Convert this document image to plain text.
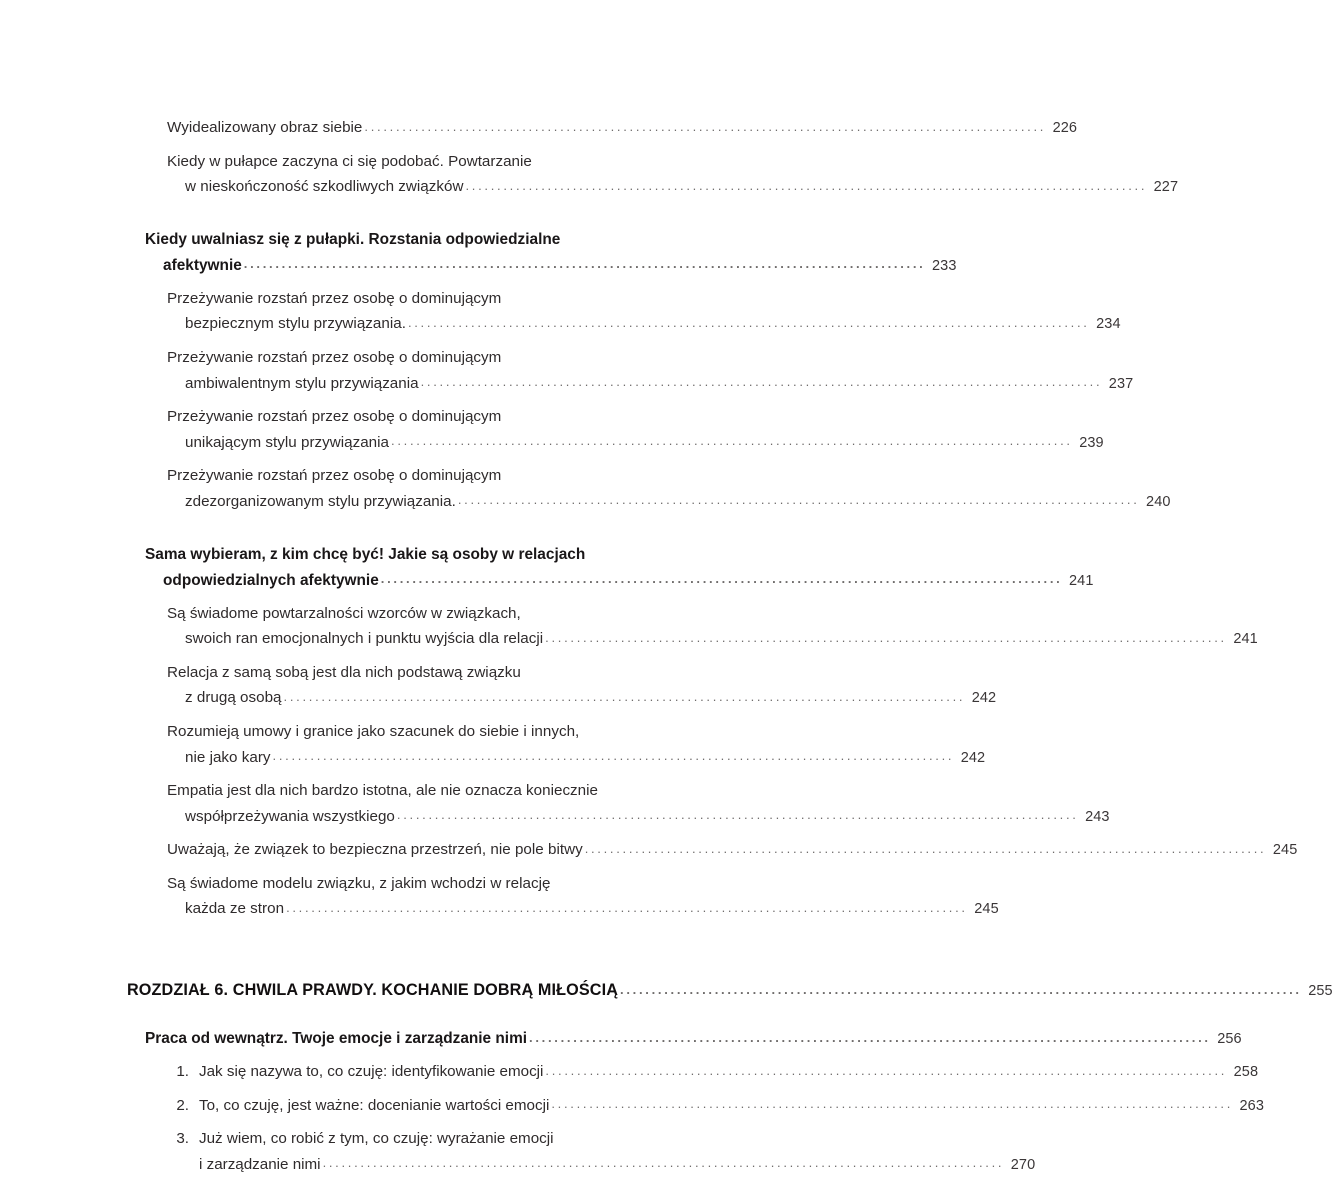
Wyidealizowany obraz siebie .....	226
Kiedy w pułapce zaczyna ci się podobać. Powtarzanie
w nieskończoność szkodliwych związków .....	227
Kiedy uwalniasz się z pułapki. Rozstania odpowiedzialne
afektywnie .....	233
Przeżywanie rozstań przez osobę o dominującym
bezpiecznym stylu przywiązania. .....	234
Przeżywanie rozstań przez osobę o dominującym
ambiwalentnym stylu przywiązania .....	237
Przeżywanie rozstań przez osobę o dominującym
unikającym stylu przywiązania .....	239
Przeżywanie rozstań przez osobę o dominującym
zdezorganizowanym stylu przywiązania. .....	240
Sama wybieram, z kim chcę być! Jakie są osoby w relacjach
odpowiedzialnych afektywnie .....	241
Są świadome powtarzalności wzorców w związkach,
swoich ran emocjonalnych i punktu wyjścia dla relacji .....	241
Relacja z samą sobą jest dla nich podstawą związku
z drugą osobą .....	242
Rozumieją umowy i granice jako szacunek do siebie i innych,
nie jako kary .....	242
Empatia jest dla nich bardzo istotna, ale nie oznacza koniecznie
współprzeżywania wszystkiego .....	243
Uważają, że związek to bezpieczna przestrzeń, nie pole bitwy .....	245
Są świadome modelu związku, z jakim wchodzi w relację
każda ze stron .....	245
ROZDZIAŁ 6. CHWILA PRAWDY. KOCHANIE DOBRĄ MIŁOŚCIĄ .....	255
Praca od wewnątrz. Twoje emocje i zarządzanie nimi .....	256
1. Jak się nazywa to, co czuję: identyfikowanie emocji .....	258
2. To, co czuję, jest ważne: docenianie wartości emocji .....	263
3. Już wiem, co robić z tym, co czuję: wyrażanie emocji
i zarządzanie nimi .....	270
